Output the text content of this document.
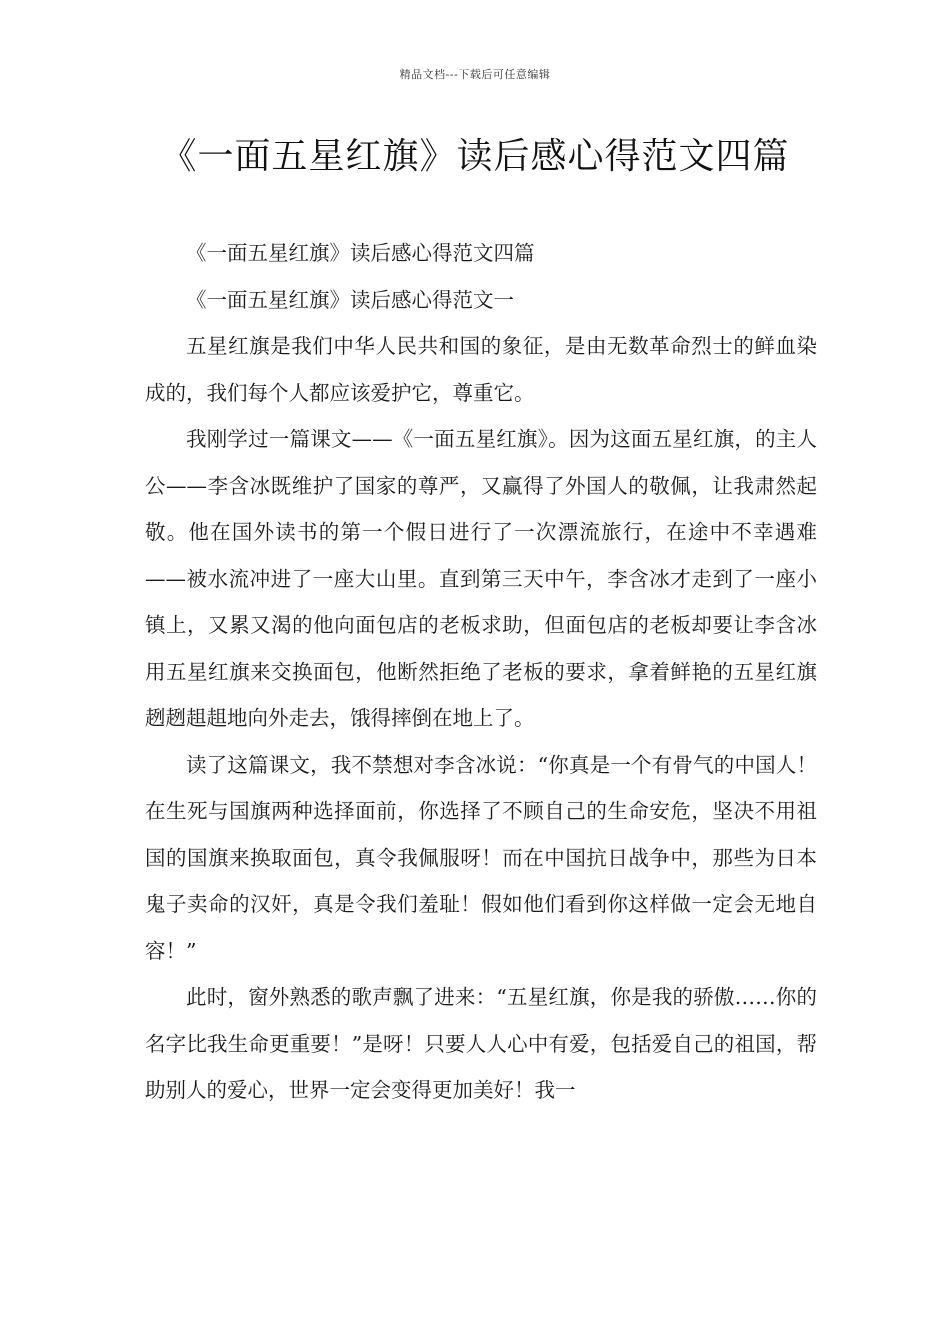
精品文档---下载后可任意编辑
《一面五星红旗》读后感心得范文四篇

《一面五星红旗》读后感心得范文四篇

《一面五星红旗》读后感心得范文一

五星红旗是我们中华人民共和国的象征，是由无数革命烈士的鲜血染成的，我们每个人都应该爱护它，尊重它。

我刚学过一篇课文——《一面五星红旗》。因为这面五星红旗，的主人公——李含冰既维护了国家的尊严，又赢得了外国人的敬佩，让我肃然起敬。他在国外读书的第一个假日进行了一次漂流旅行，在途中不幸遇难——被水流冲进了一座大山里。直到第三天中午，李含冰才走到了一座小镇上，又累又渴的他向面包店的老板求助，但面包店的老板却要让李含冰用五星红旗来交换面包，他断然拒绝了老板的要求，拿着鲜艳的五星红旗趔趔趄趄地向外走去，饿得摔倒在地上了。

读了这篇课文，我不禁想对李含冰说：“你真是一个有骨气的中国人！在生死与国旗两种选择面前，你选择了不顾自己的生命安危，坚决不用祖国的国旗来换取面包，真令我佩服呀！而在中国抗日战争中，那些为日本鬼子卖命的汉奸，真是令我们羞耻！假如他们看到你这样做一定会无地自容！”

此时，窗外熟悉的歌声飘了进来：“五星红旗，你是我的骄傲……你的名字比我生命更重要！”是呀！只要人人心中有爱，包括爱自己的祖国，帮助别人的爱心，世界一定会变得更加美好！我一
